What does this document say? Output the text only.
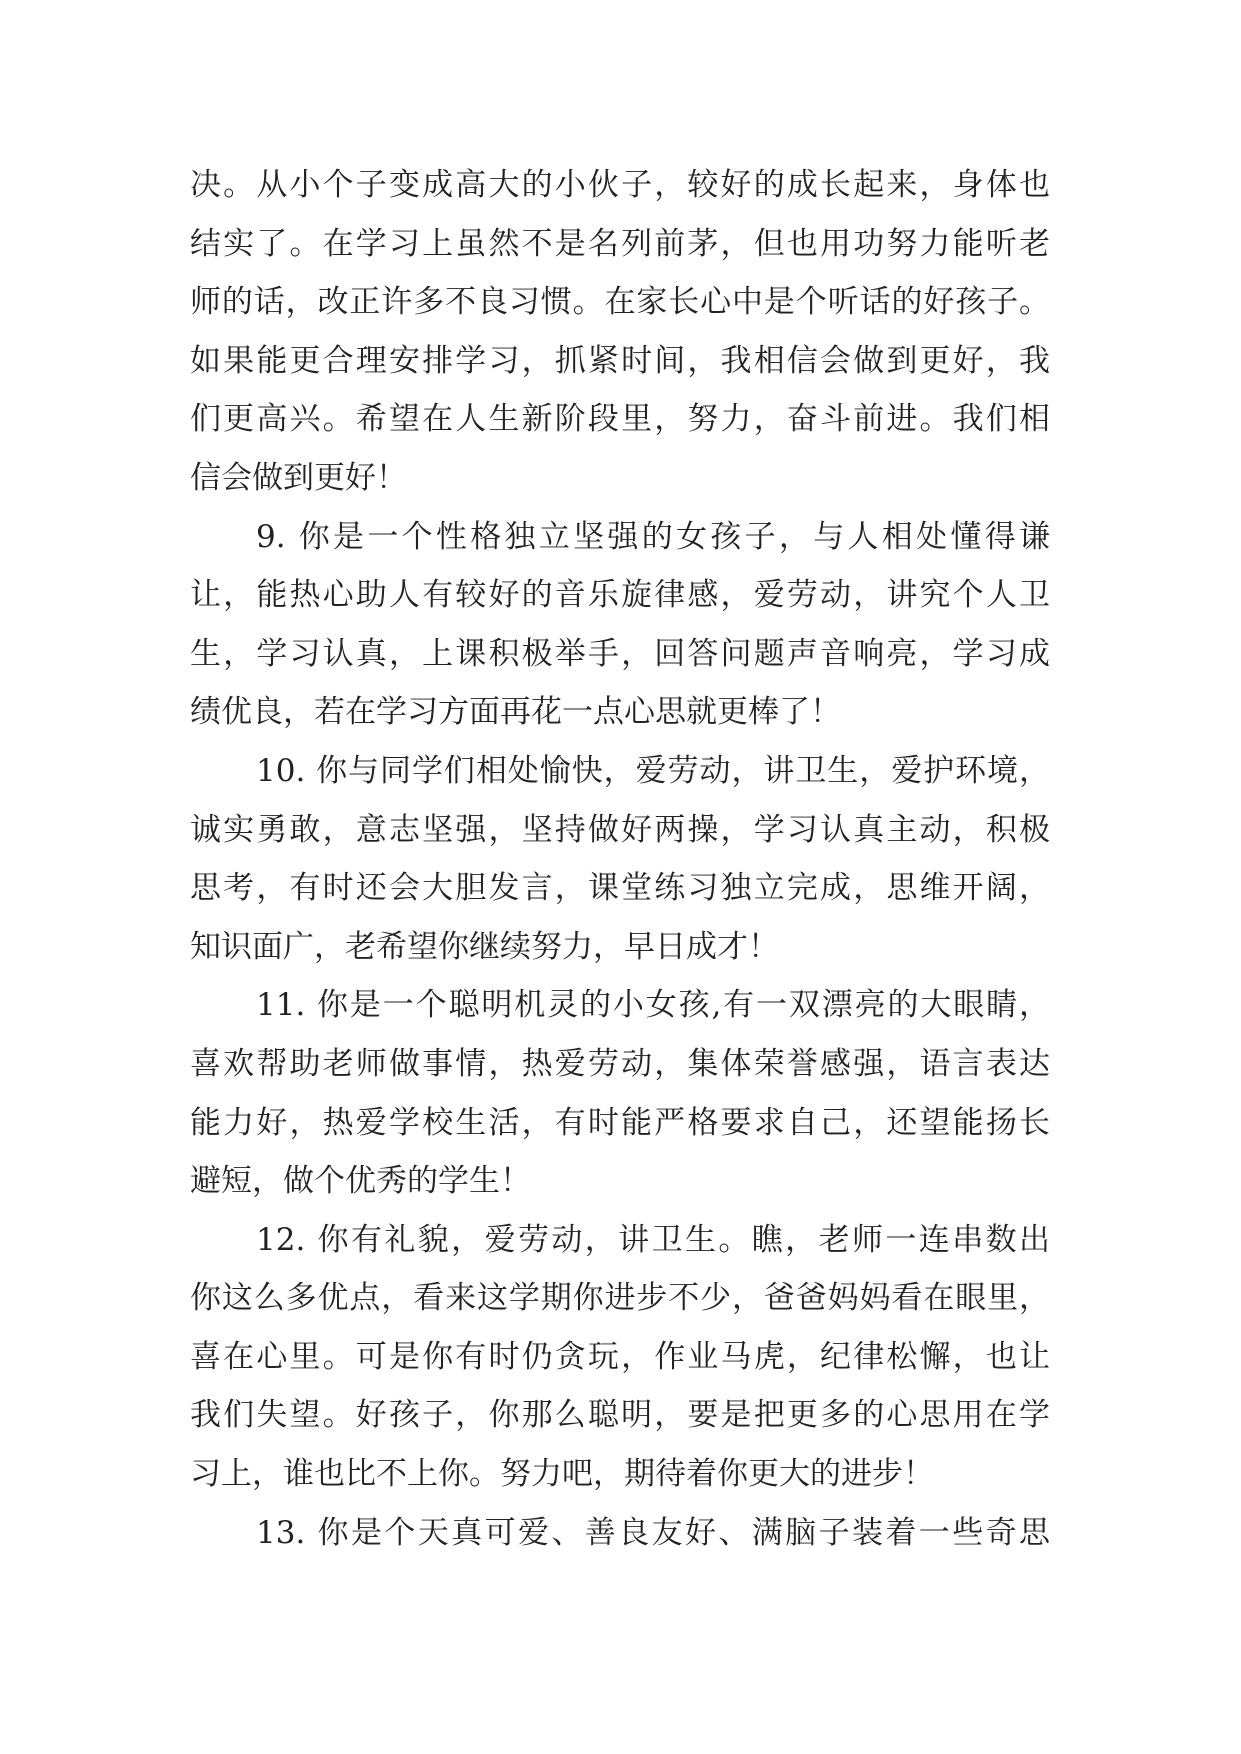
决。从小个子变成高大的小伙子，较好的成长起来，身体也
结实了。在学习上虽然不是名列前茅，但也用功努力能听老
师的话，改正许多不良习惯。在家长心中是个听话的好孩子。
如果能更合理安排学习，抓紧时间，我相信会做到更好，我
们更高兴。希望在人生新阶段里，努力，奋斗前进。我们相
信会做到更好！
9. 你是一个性格独立坚强的女孩子，与人相处懂得谦
让，能热心助人有较好的音乐旋律感，爱劳动，讲究个人卫
生，学习认真，上课积极举手，回答问题声音响亮，学习成
绩优良，若在学习方面再花一点心思就更棒了！
10. 你与同学们相处愉快，爱劳动，讲卫生，爱护环境，
诚实勇敢，意志坚强，坚持做好两操，学习认真主动，积极
思考，有时还会大胆发言，课堂练习独立完成，思维开阔，
知识面广，老希望你继续努力，早日成才！
11. 你是一个聪明机灵的小女孩,有一双漂亮的大眼睛，
喜欢帮助老师做事情，热爱劳动，集体荣誉感强，语言表达
能力好，热爱学校生活，有时能严格要求自己，还望能扬长
避短，做个优秀的学生！
12. 你有礼貌，爱劳动，讲卫生。瞧，老师一连串数出
你这么多优点，看来这学期你进步不少，爸爸妈妈看在眼里，
喜在心里。可是你有时仍贪玩，作业马虎，纪律松懈，也让
我们失望。好孩子，你那么聪明，要是把更多的心思用在学
习上，谁也比不上你。努力吧，期待着你更大的进步！
13. 你是个天真可爱、善良友好、满脑子装着一些奇思
